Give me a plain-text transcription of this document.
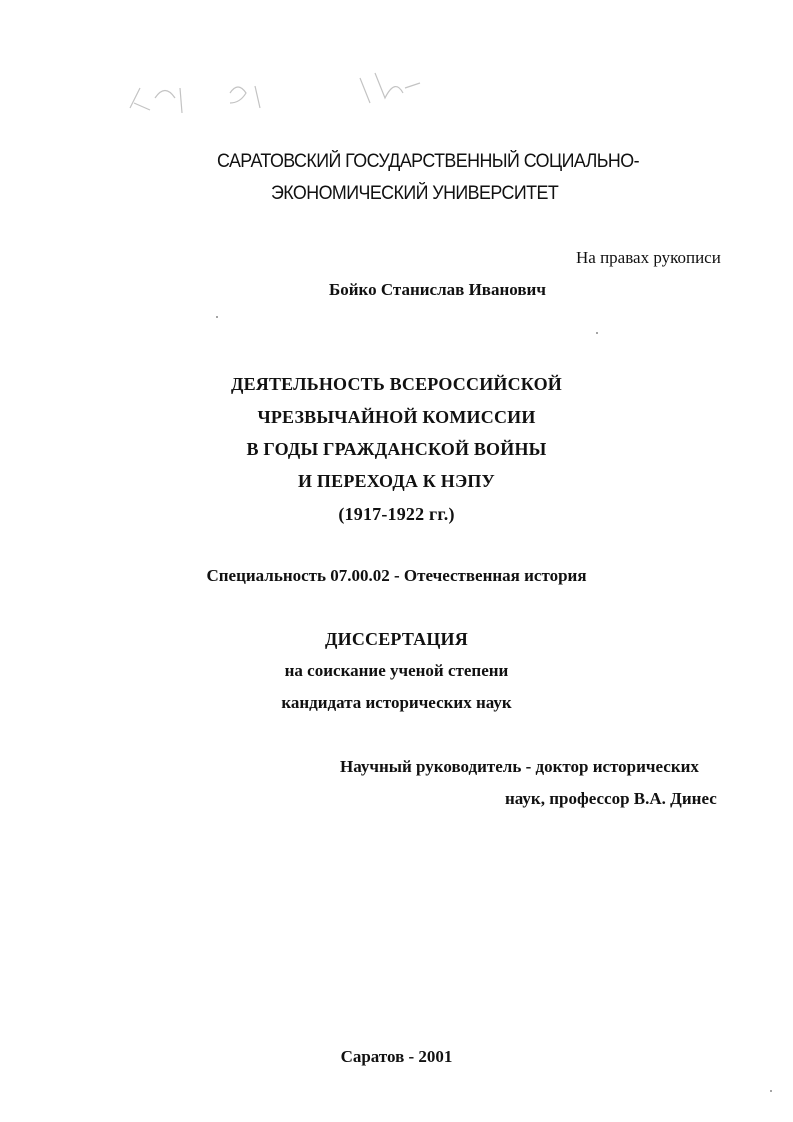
САРАТОВСКИЙ ГОСУДАРСТВЕННЫЙ СОЦИАЛЬНО-
ЭКОНОМИЧЕСКИЙ УНИВЕРСИТЕТ
На правах рукописи
Бойко Станислав Иванович
ДЕЯТЕЛЬНОСТЬ ВСЕРОССИЙСКОЙ
ЧРЕЗВЫЧАЙНОЙ КОМИССИИ
В ГОДЫ ГРАЖДАНСКОЙ ВОЙНЫ
И ПЕРЕХОДА К НЭПУ
(1917-1922 гг.)
Специальность 07.00.02 - Отечественная история
ДИССЕРТАЦИЯ
на соискание ученой степени
кандидата исторических наук
Научный руководитель - доктор исторических
наук, профессор В.А. Динес
Саратов - 2001
